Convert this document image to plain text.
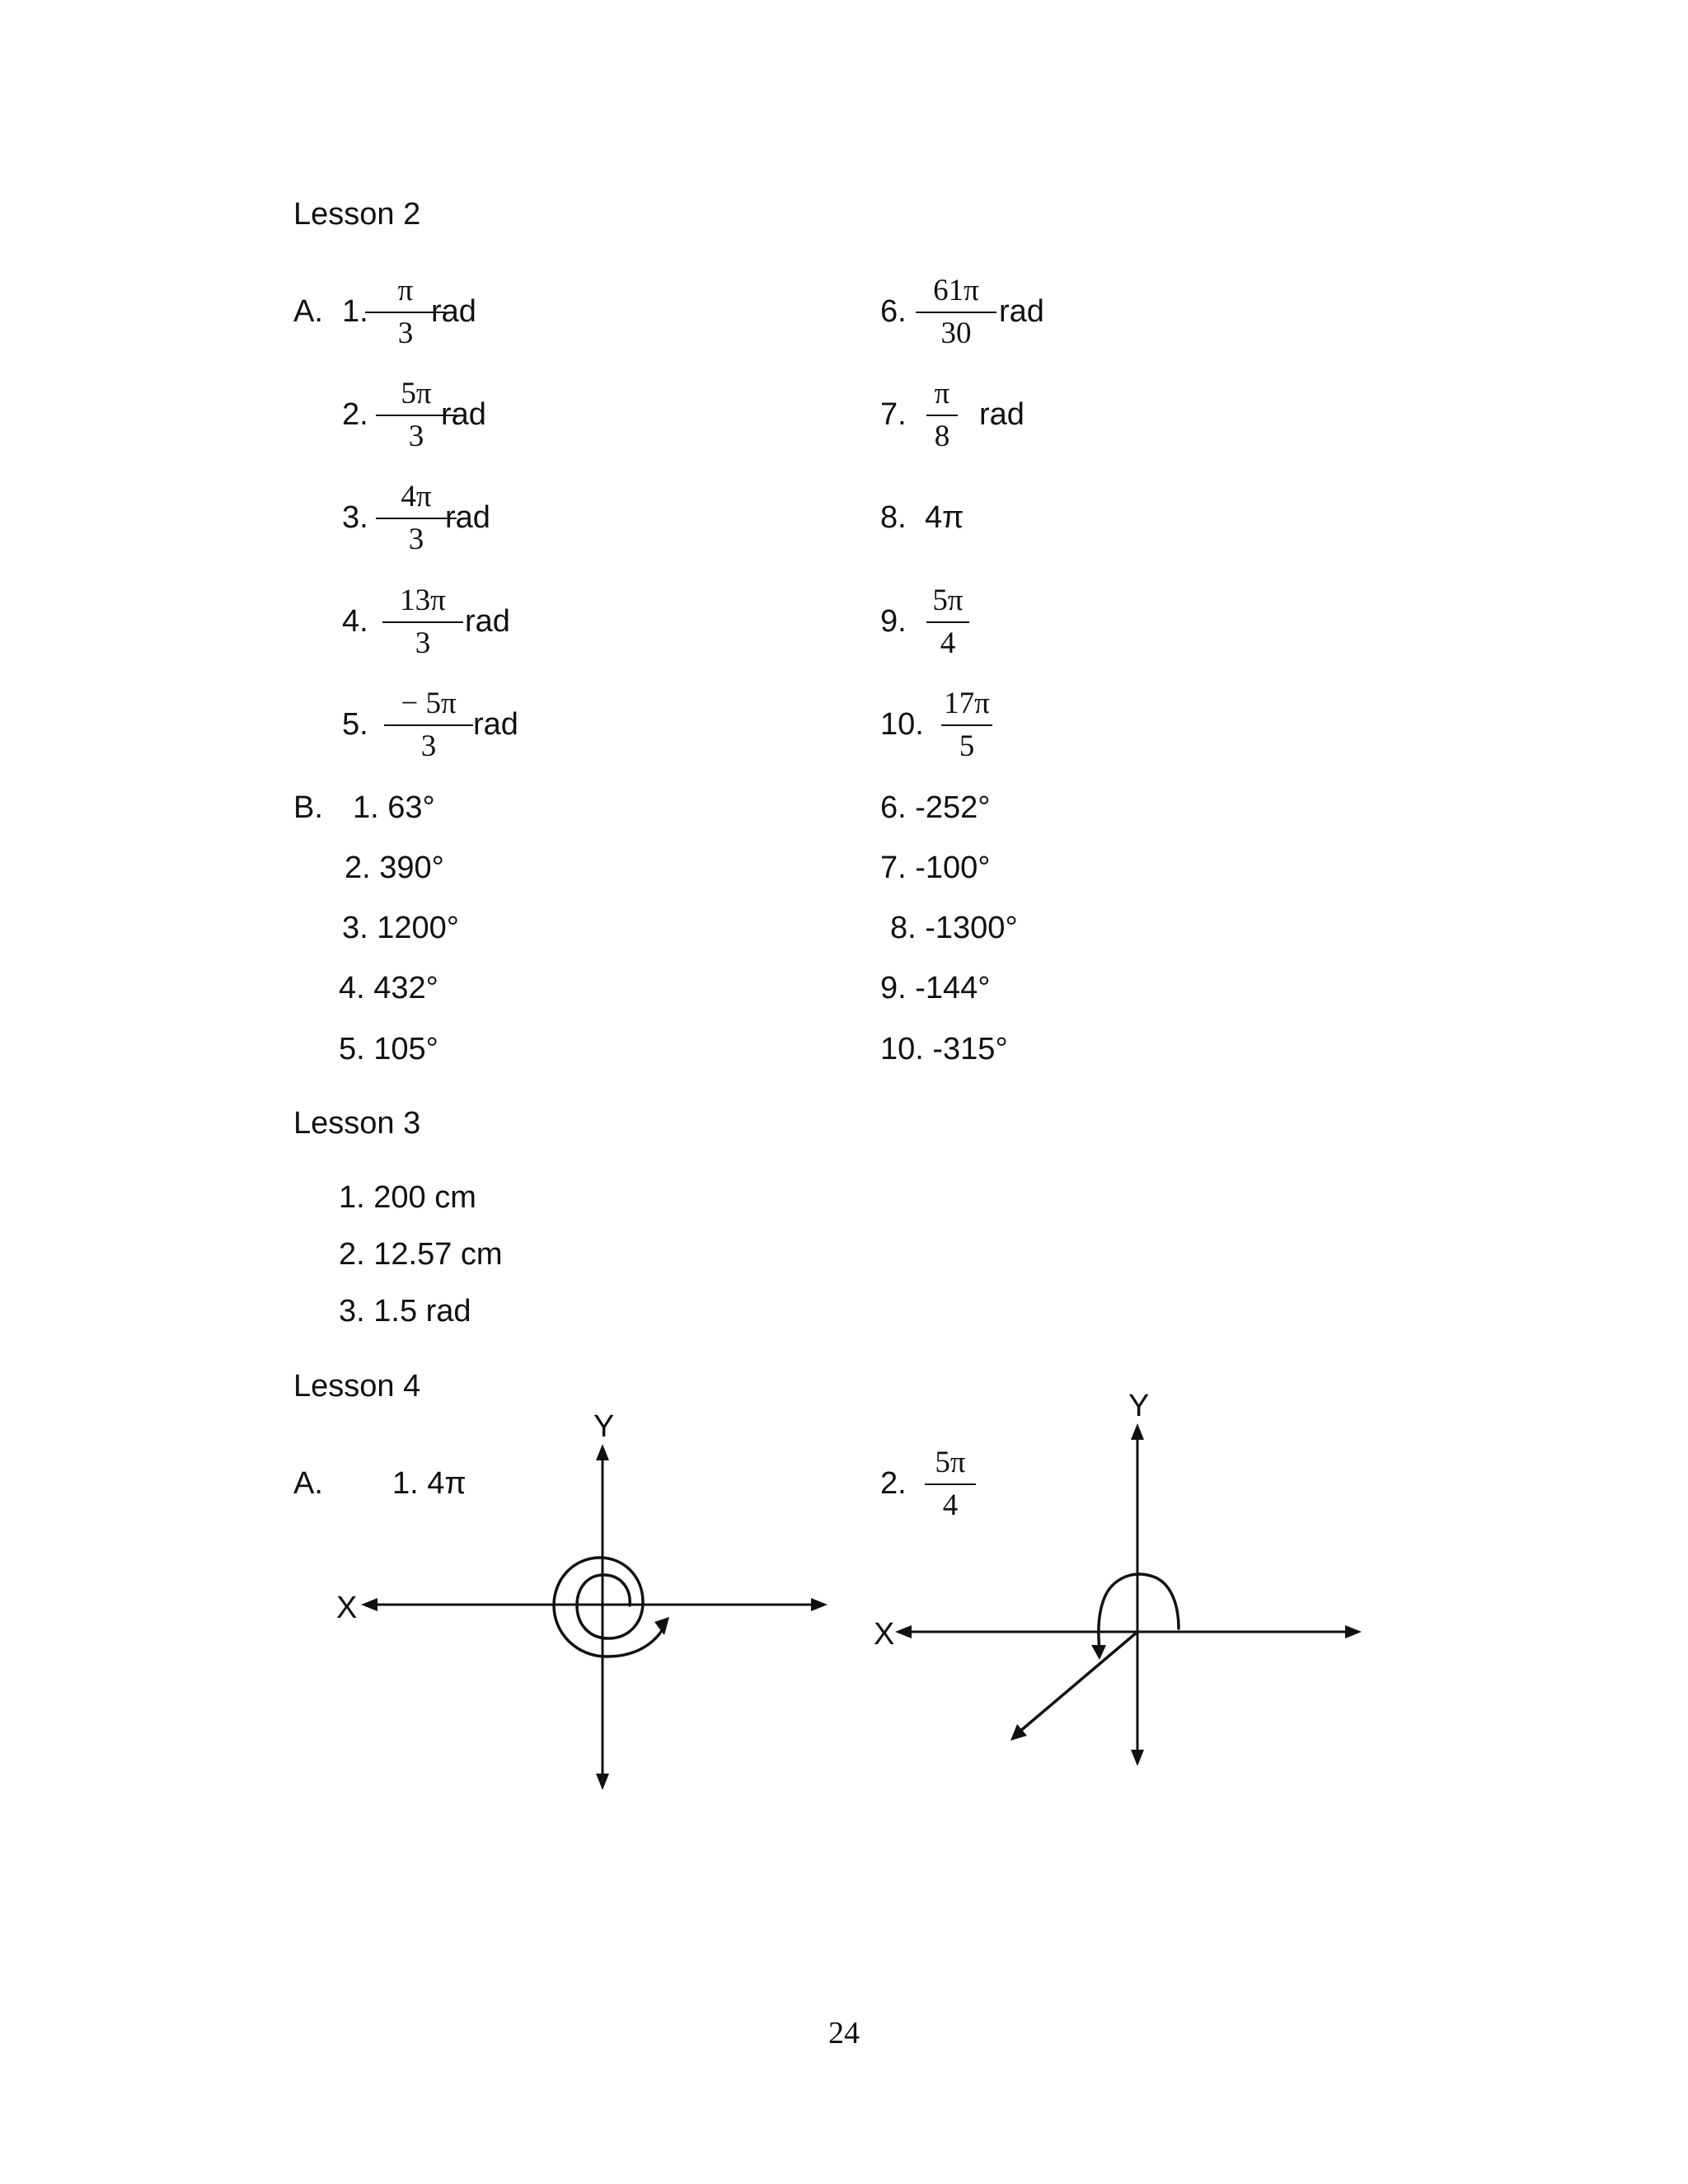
Lesson 2
A. 1.
π
3
rad
2.
5π
3
rad
3.
4π
3
rad
4.
13π
3
rad
5.
− 5π
3
rad
6.
61π
30
rad
7.
π
8
rad
8. 4π
9.
5π
4
10.
17π
5
B. 1. 63°
2. 390°
3. 1200°
4. 432°
5. 105°
6. -252°
7. -100°
8. -1300°
9. -144°
10. -315°
Lesson 3
1. 200 cm
2. 12.57 cm
3. 1.5 rad
Lesson 4
A. 1. 4π	2.
5π
4
Y
X
Y
X
24
